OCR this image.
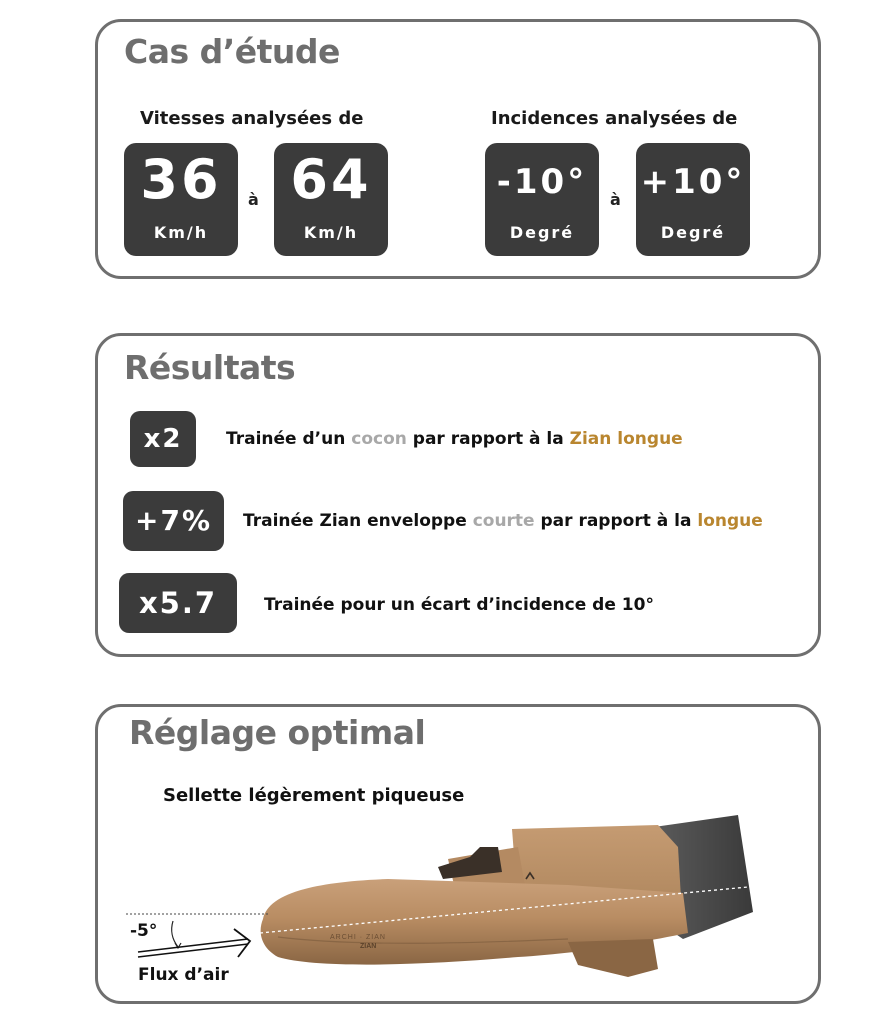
Cas d’étude
Vitesses analysées de
36
Km/h
à 64
Km/h
Incidences analysées de
-10°
Degré
à +10°
Degré
Résultats
x2	Trainée d’un cocon par rapport à la Zian longue
+7%	Trainée Zian enveloppe courte par rapport à la longue
x5.7	Trainée pour un écart d’incidence de 10°
Réglage optimal
Sellette légèrement piqueuse
ARCHI · ZIAN
ZIAN
-5°
Flux d’air
